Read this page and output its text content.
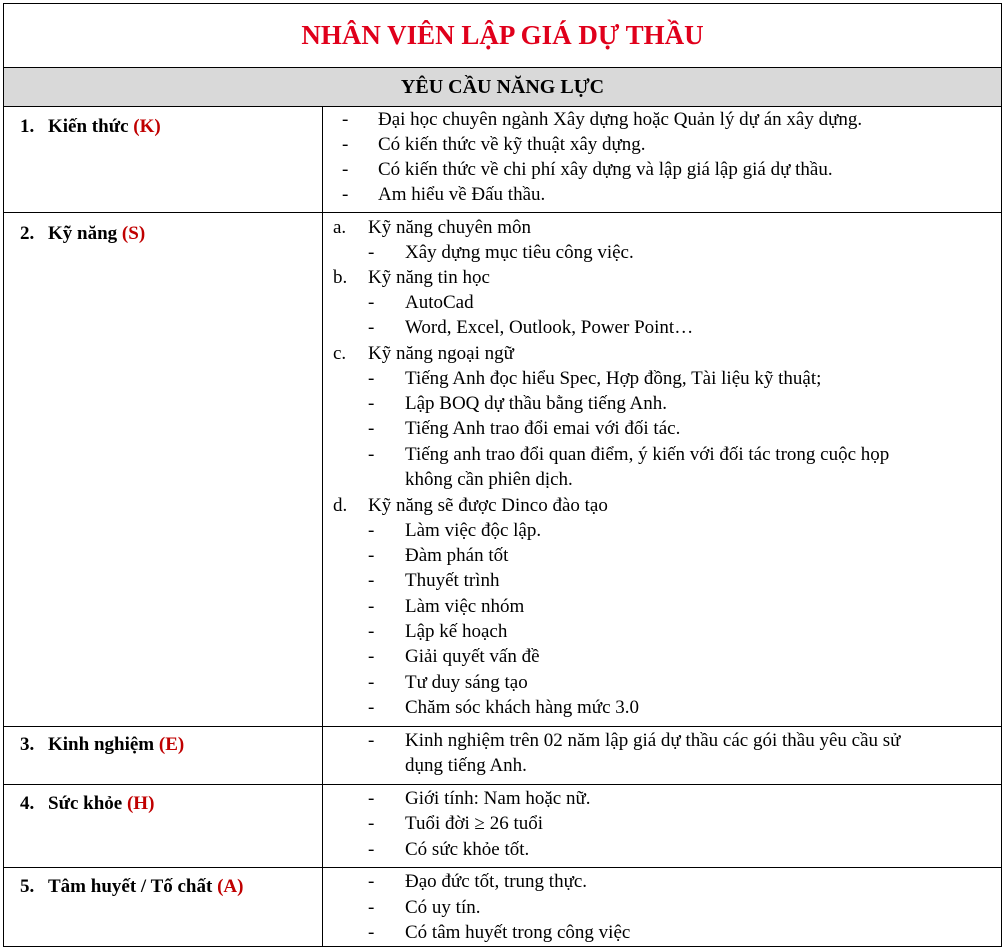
NHÂN VIÊN LẬP GIÁ DỰ THẦU
YÊU CẦU NĂNG LỰC
1. Kiến thức (K)	- Đại học chuyên ngành Xây dựng hoặc Quản lý dự án xây dựng.
- Có kiến thức về kỹ thuật xây dựng.
- Có kiến thức về chi phí xây dựng và lập giá lập giá dự thầu.
- Am hiểu về Đấu thầu.
2. Kỹ năng (S)	a. Kỹ năng chuyên môn
- Xây dựng mục tiêu công việc.
b. Kỹ năng tin học
- AutoCad
- Word, Excel, Outlook, Power Point…
c. Kỹ năng ngoại ngữ
- Tiếng Anh đọc hiểu Spec, Hợp đồng, Tài liệu kỹ thuật;
- Lập BOQ dự thầu bằng tiếng Anh.
- Tiếng Anh trao đổi emai với đối tác.
- Tiếng anh trao đổi quan điểm, ý kiến với đối tác trong cuộc họp
không cần phiên dịch.
d. Kỹ năng sẽ được Dinco đào tạo
- Làm việc độc lập.
- Đàm phán tốt
- Thuyết trình
- Làm việc nhóm
- Lập kế hoạch
- Giải quyết vấn đề
- Tư duy sáng tạo
- Chăm sóc khách hàng mức 3.0
3. Kinh nghiệm (E)	- Kinh nghiệm trên 02 năm lập giá dự thầu các gói thầu yêu cầu sử
dụng tiếng Anh.
4. Sức khỏe (H)	- Giới tính: Nam hoặc nữ.
- Tuổi đời ≥ 26 tuổi
- Có sức khỏe tốt.
5. Tâm huyết / Tố chất (A)	- Đạo đức tốt, trung thực.
- Có uy tín.
- Có tâm huyết trong công việc
